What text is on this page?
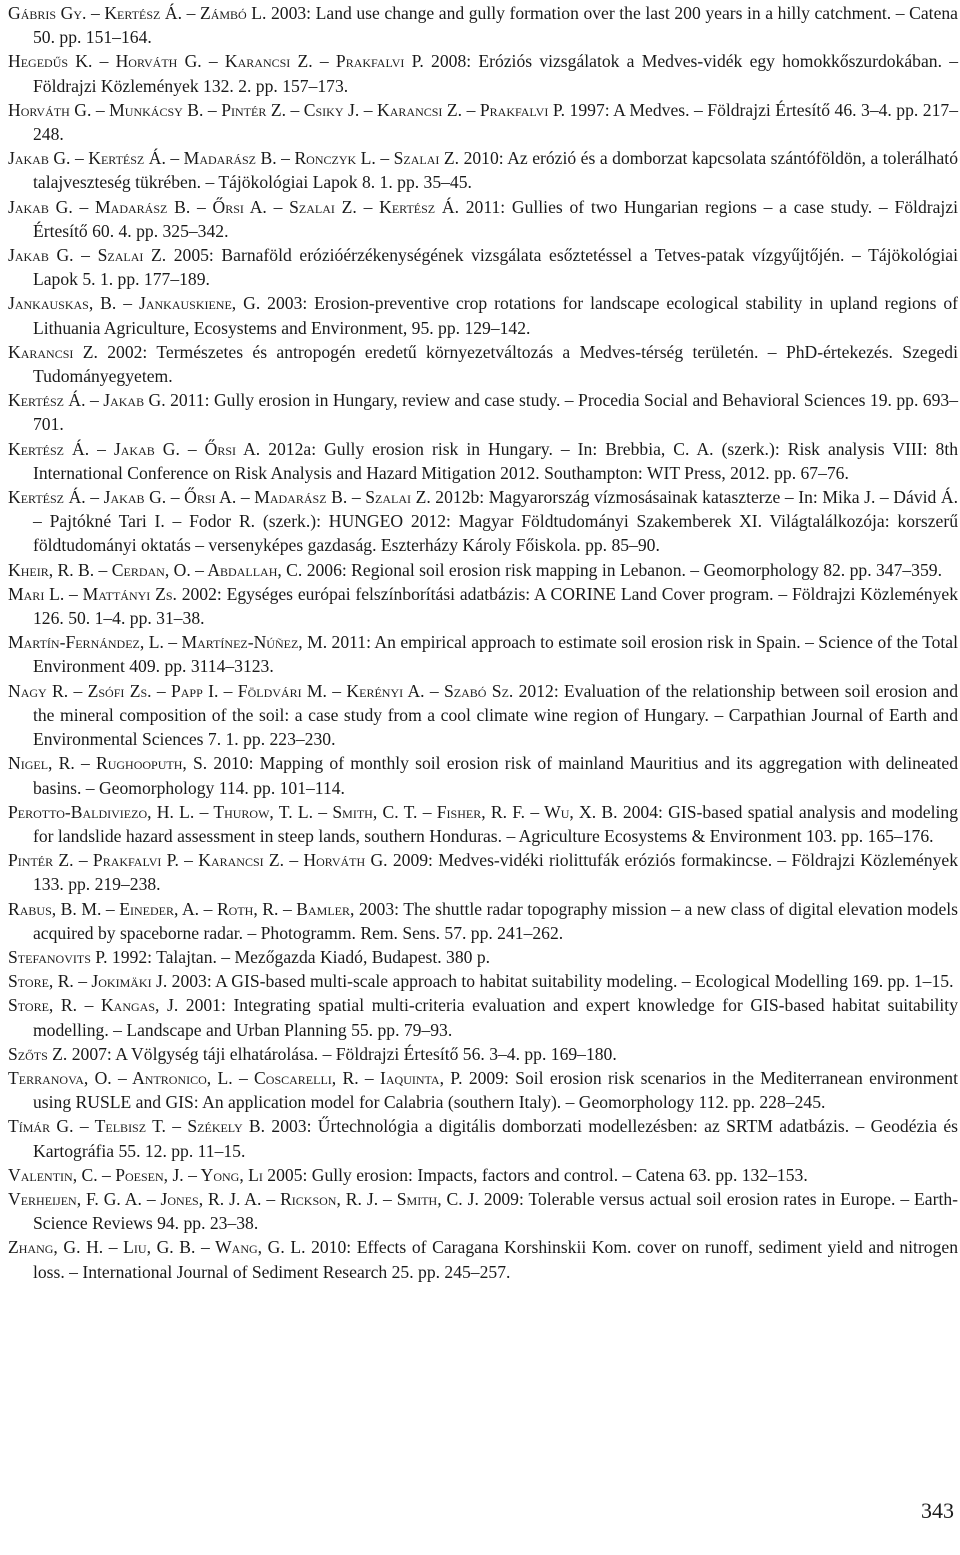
Gábris Gy. – Kertész Á. – Zámbó L. 2003: Land use change and gully formation over the last 200 years in a hilly catchment. – Catena 50. pp. 151–164.

Hegedűs K. – Horváth G. – Karancsi Z. – Prakfalvi P. 2008: Eróziós vizsgálatok a Medves-vidék egy homokkőszurdokában. – Földrajzi Közlemények 132. 2. pp. 157–173.

Horváth G. – Munkácsy B. – Pintér Z. – Csiky J. – Karancsi Z. – Prakfalvi P. 1997: A Medves. – Földrajzi Értesítő 46. 3–4. pp. 217–248.

Jakab G. – Kertész Á. – Madarász B. – Ronczyk L. – Szalai Z. 2010: Az erózió és a domborzat kapcsolata szántóföldön, a tolerálható talajveszteség tükrében. – Tájökológiai Lapok 8. 1. pp. 35–45.

Jakab G. – Madarász B. – Őrsi A. – Szalai Z. – Kertész Á. 2011: Gullies of two Hungarian regions – a case study. – Földrajzi Értesítő 60. 4. pp. 325–342.

Jakab G. – Szalai Z. 2005: Barnaföld erózióérzékenységének vizsgálata esőztetéssel a Tetves-patak vízgyűjtőjén. – Tájökológiai Lapok 5. 1. pp. 177–189.

Jankauskas, B. – Jankauskiene, G. 2003: Erosion-preventive crop rotations for landscape ecological stability in upland regions of Lithuania Agriculture, Ecosystems and Environment, 95. pp. 129–142.

Karancsi Z. 2002: Természetes és antropogén eredetű környezetváltozás a Medves-térség területén. – PhD-értekezés. Szegedi Tudományegyetem.

Kertész Á. – Jakab G. 2011: Gully erosion in Hungary, review and case study. – Procedia Social and Behavioral Sciences 19. pp. 693–701.

Kertész Á. – Jakab G. – Őrsi A. 2012a: Gully erosion risk in Hungary. – In: Brebbia, C. A. (szerk.): Risk analysis VIII: 8th International Conference on Risk Analysis and Hazard Mitigation 2012. Southampton: WIT Press, 2012. pp. 67–76.

Kertész Á. – Jakab G. – Őrsi A. – Madarász B. – Szalai Z. 2012b: Magyarország vízmosásainak kataszterze – In: Mika J. – Dávid Á. – Pajtókné Tari I. – Fodor R. (szerk.): HUNGEO 2012: Magyar Földtudományi Szakemberek XI. Világtalálkozója: korszerű földtudományi oktatás – versenyképes gazdaság. Eszterházy Károly Főiskola. pp. 85–90.

Kheir, R. B. – Cerdan, O. – Abdallah, C. 2006: Regional soil erosion risk mapping in Lebanon. – Geomorphology 82. pp. 347–359.

Mari L. – Mattányi Zs. 2002: Egységes európai felszínborítási adatbázis: A CORINE Land Cover program. – Földrajzi Közlemények 126. 50. 1–4. pp. 31–38.

Martín-Fernández, L. – Martínez-Núñez, M. 2011: An empirical approach to estimate soil erosion risk in Spain. – Science of the Total Environment 409. pp. 3114–3123.

Nagy R. – Zsófi Zs. – Papp I. – Földvári M. – Kerényi A. – Szabó Sz. 2012: Evaluation of the relationship between soil erosion and the mineral composition of the soil: a case study from a cool climate wine region of Hungary. – Carpathian Journal of Earth and Environmental Sciences 7. 1. pp. 223–230.

Nigel, R. – Rughooputh, S. 2010: Mapping of monthly soil erosion risk of mainland Mauritius and its aggregation with delineated basins. – Geomorphology 114. pp. 101–114.

Perotto-Baldiviezo, H. L. – Thurow, T. L. – Smith, C. T. – Fisher, R. F. – Wu, X. B. 2004: GIS-based spatial analysis and modeling for landslide hazard assessment in steep lands, southern Honduras. – Agriculture Ecosystems & Environment 103. pp. 165–176.

Pintér Z. – Prakfalvi P. – Karancsi Z. – Horváth G. 2009: Medves-vidéki riolittufák eróziós formakincse. – Földrajzi Közlemények 133. pp. 219–238.

Rabus, B. M. – Eineder, A. – Roth, R. – Bamler, 2003: The shuttle radar topography mission – a new class of digital elevation models acquired by spaceborne radar. – Photogramm. Rem. Sens. 57. pp. 241–262.

Stefanovits P. 1992: Talajtan. – Mezőgazda Kiadó, Budapest. 380 p.

Store, R. – Jokimäki J. 2003: A GIS-based multi-scale approach to habitat suitability modeling. – Ecological Modelling 169. pp. 1–15.

Store, R. – Kangas, J. 2001: Integrating spatial multi-criteria evaluation and expert knowledge for GIS-based habitat suitability modelling. – Landscape and Urban Planning 55. pp. 79–93.

Szőts Z. 2007: A Völgység táji elhatárolása. – Földrajzi Értesítő 56. 3–4. pp. 169–180.

Terranova, O. – Antronico, L. – Coscarelli, R. – Iaquinta, P. 2009: Soil erosion risk scenarios in the Mediterranean environment using RUSLE and GIS: An application model for Calabria (southern Italy). – Geomorphology 112. pp. 228–245.

Tímár G. – Telbisz T. – Székely B. 2003: Űrtechnológia a digitális domborzati modellezésben: az SRTM adatbázis. – Geodézia és Kartográfia 55. 12. pp. 11–15.

Valentin, C. – Poesen, J. – Yong, Li 2005: Gully erosion: Impacts, factors and control. – Catena 63. pp. 132–153.

Verheijen, F. G. A. – Jones, R. J. A. – Rickson, R. J. – Smith, C. J. 2009: Tolerable versus actual soil erosion rates in Europe. – Earth-Science Reviews 94. pp. 23–38.

Zhang, G. H. – Liu, G. B. – Wang, G. L. 2010: Effects of Caragana Korshinskii Kom. cover on runoff, sediment yield and nitrogen loss. – International Journal of Sediment Research 25. pp. 245–257.

343
